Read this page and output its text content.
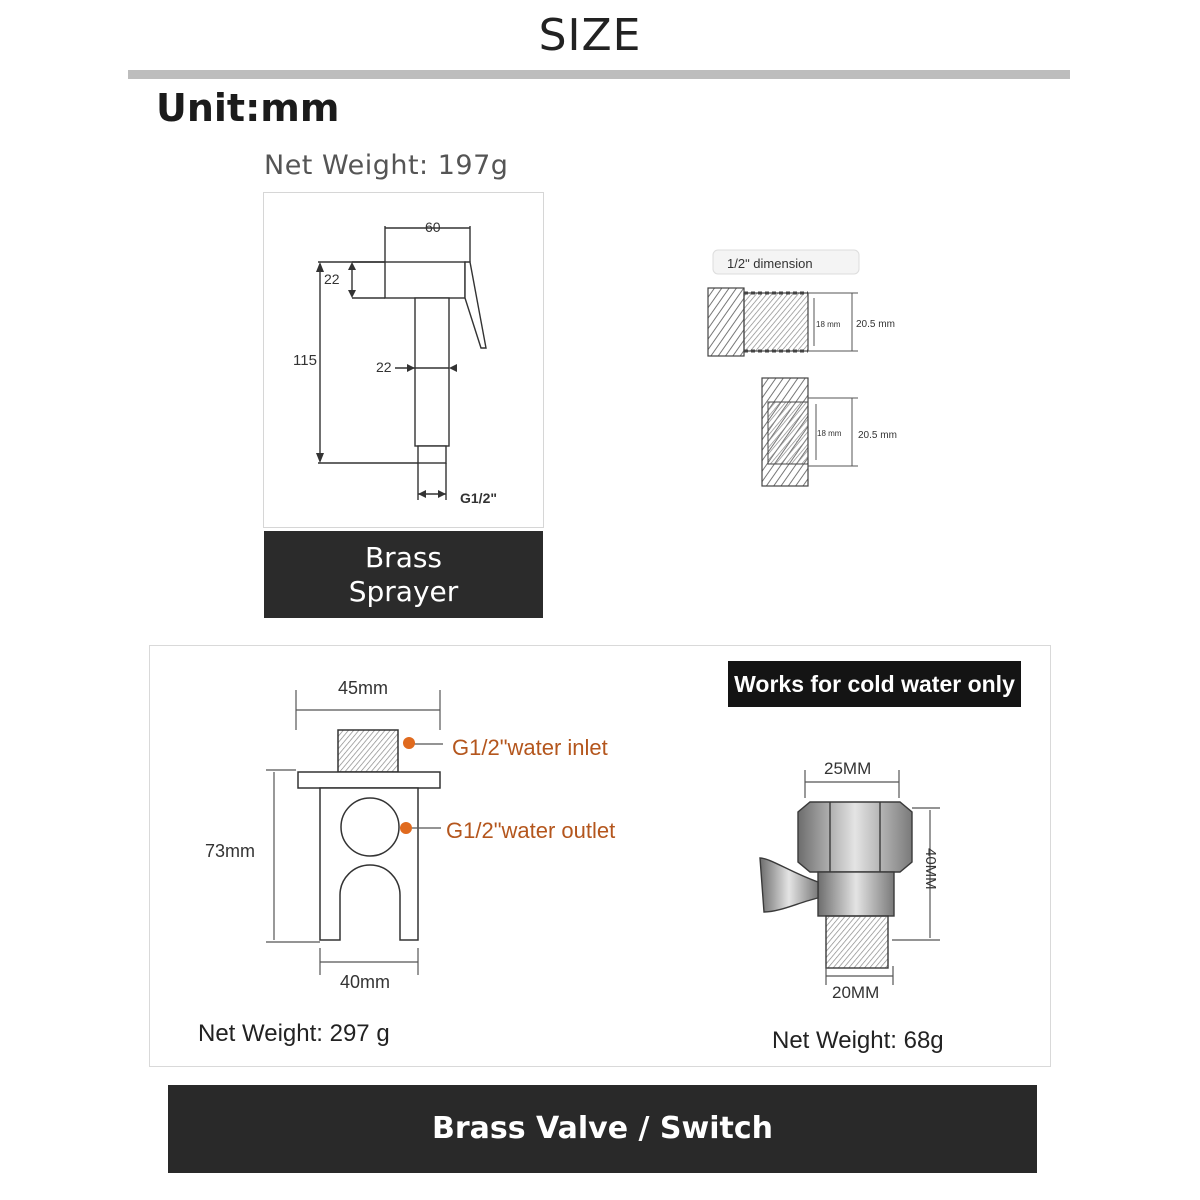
SIZE
Unit:mm
Net Weight: 197g
Brass
Sprayer
Works for cold water only
Net Weight: 297 g	Net Weight: 68g
Brass Valve / Switch
60
22
115	22
G1/2"
1/2ʺ dimension
18 mm 20.5 mm
18 mm 20.5 mm
45mm
73mm
40mm
G1/2"water inlet
G1/2"water outlet
25MM
40MM
20MM
